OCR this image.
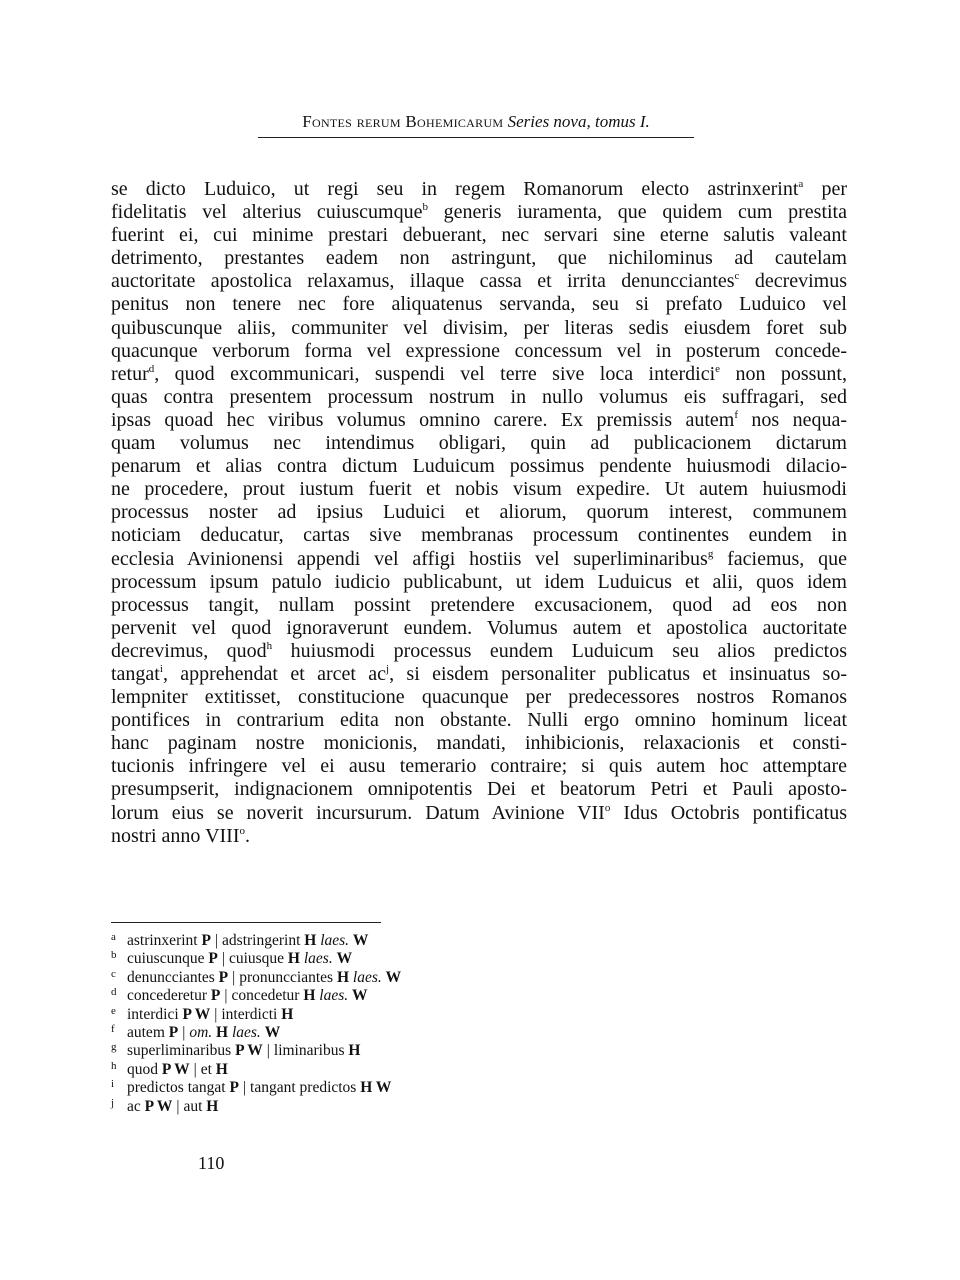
Fontes rerum Bohemicarum Series nova, tomus I.
se dicto Luduico, ut regi seu in regem Romanorum electo astrinxerint$^a$ per
fidelitatis vel alterius cuiuscumque$^b$ generis iuramenta, que quidem cum prestita
fuerint ei, cui minime prestari debuerant, nec servari sine eterne salutis valeant
detrimento, prestantes eadem non astringunt, que nichilominus ad cautelam
auctoritate apostolica relaxamus, illaque cassa et irrita denuncciantes$^c$ decrevimus
penitus non tenere nec fore aliquatenus servanda, seu si prefato Luduico vel
quibuscunque aliis, communiter vel divisim, per literas sedis eiusdem foret sub
quacunque verborum forma vel expressione concessum vel in posterum concede-
retur$^d$, quod excommunicari, suspendi vel terre sive loca interdici$^e$ non possunt,
quas contra presentem processum nostrum in nullo volumus eis suffragari, sed
ipsas quoad hec viribus volumus omnino carere. Ex premissis autem$^f$ nos nequa-
quam volumus nec intendimus obligari, quin ad publicacionem dictarum
penarum et alias contra dictum Luduicum possimus pendente huiusmodi dilacio-
ne procedere, prout iustum fuerit et nobis visum expedire. Ut autem huiusmodi
processus noster ad ipsius Luduici et aliorum, quorum interest, communem
noticiam deducatur, cartas sive membranas processum continentes eundem in
ecclesia Avinionensi appendi vel affigi hostiis vel superliminaribus$^g$ faciemus, que
processum ipsum patulo iudicio publicabunt, ut idem Luduicus et alii, quos idem
processus tangit, nullam possint pretendere excusacionem, quod ad eos non
pervenit vel quod ignoraverunt eundem. Volumus autem et apostolica auctoritate
decrevimus, quod$^h$ huiusmodi processus eundem Luduicum seu alios predictos
tangat$^i$, apprehendat et arcet $ac^j$, si eisdem personaliter publicatus et insinuatus so-
lempniter extitisset, constitucione quacunque per predecessores nostros Romanos
pontifices in contrarium edita non obstante. Nulli ergo omnino hominum liceat
hanc paginam nostre monicionis, mandati, inhibicionis, relaxacionis et consti-
tucionis infringere vel ei ausu temerario contraire; si quis autem hoc attemptare
presumpserit, indignacionem omnipotentis Dei et beatorum Petri et Pauli aposto-
lorum eius se noverit incursurum. Datum Avinione VII$^o$ Idus Octobris pontificatus
nostri anno VIII$^o$.
a astrinxerint P | adstringerint H laes. W
b cuiuscunque P | cuiusque H laes. W
c denuncciantes P | pronuncciantes H laes. W
d concederetur P | concedetur H laes. W
e interdici P W | interdicti H
f autem P | om. H laes. W
g superliminaribus P W | liminaribus H
h quod P W | et H
i predictos tangat P | tangant predictos H W
j ac P W | aut H
110
